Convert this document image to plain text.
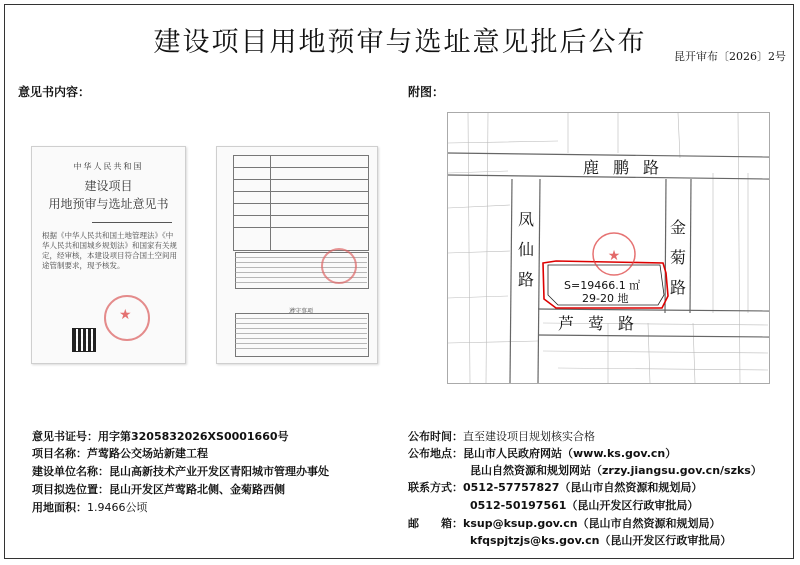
建设项目用地预审与选址意见批后公布	昆开审布〔2026〕2号
意见书内容：	附图：
中华人民共和国
建设项目
用地预审与选址意见书
根据《中华人民共和国土地管理法》《中华人民共和国城乡规划法》和国家有关规定，经审核，本建设项目符合国土空间用途管制要求，现予核发。
★

遵守事项
★
鹿鹏路
凤仙路
金菊路
芦莺路
S=19466.1 ㎡
29-20 地
意见书证号：用字第3205832026XS0001660号
项目名称：芦莺路公交场站新建工程
建设单位名称：昆山高新技术产业开发区青阳城市管理办事处
项目拟选位置：昆山开发区芦莺路北侧、金菊路西侧
用地面积：1.9466公顷
公布时间：直至建设项目规划核实合格
公布地点：昆山市人民政府网站（www.ks.gov.cn）
昆山自然资源和规划网站（zrzy.jiangsu.gov.cn/szks）
联系方式：0512-57757827（昆山市自然资源和规划局）
0512-50197561（昆山开发区行政审批局）
邮　　箱：ksup@ksup.gov.cn（昆山市自然资源和规划局）
kfqspjtzjs@ks.gov.cn（昆山开发区行政审批局）
